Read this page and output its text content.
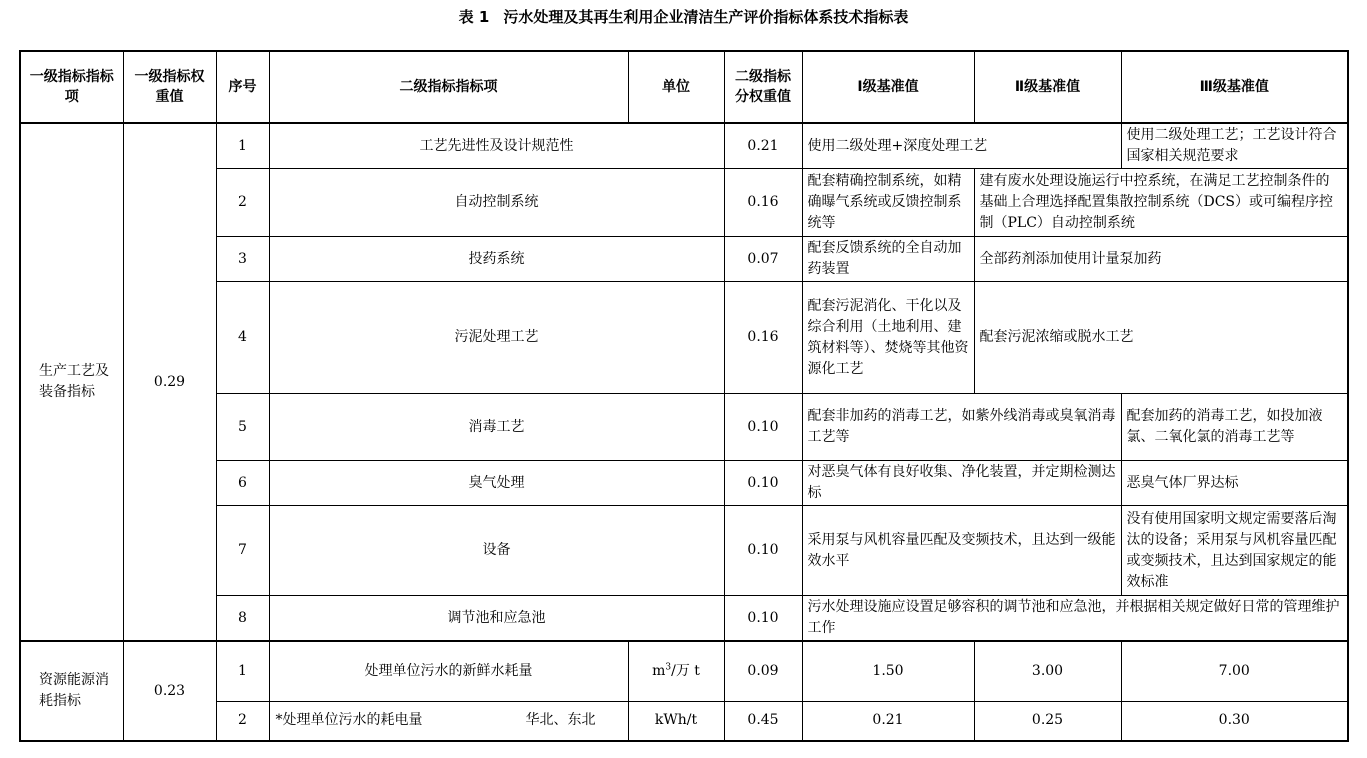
表 1 污水处理及其再生利用企业清洁生产评价指标体系技术指标表
一级指标指标项	一级指标权重值	序号	二级指标指标项	单位	二级指标分权重值	Ⅰ级基准值	Ⅱ级基准值	Ⅲ级基准值
生产工艺及装备指标	0.29	1	工艺先进性及设计规范性		0.21	使用二级处理+深度处理工艺		使用二级处理工艺；工艺设计符合国家相关规范要求
		2	自动控制系统		0.16	配套精确控制系统，如精确曝气系统或反馈控制系统等	建有废水处理设施运行中控系统，在满足工艺控制条件的基础上合理选择配置集散控制系统（DCS）或可编程序控制（PLC）自动控制系统	
		3	投药系统		0.07	配套反馈系统的全自动加药装置	全部药剂添加使用计量泵加药	
		4	污泥处理工艺		0.16	配套污泥消化、干化以及综合利用（土地利用、建筑材料等）、焚烧等其他资源化工艺	配套污泥浓缩或脱水工艺	
		5	消毒工艺		0.10	配套非加药的消毒工艺，如紫外线消毒或臭氧消毒工艺等		配套加药的消毒工艺，如投加液氯、二氧化氯的消毒工艺等
		6	臭气处理		0.10	对恶臭气体有良好收集、净化装置，并定期检测达标		恶臭气体厂界达标
		7	设备		0.10	采用泵与风机容量匹配及变频技术，且达到一级能效水平		没有使用国家明文规定需要落后淘汰的设备；采用泵与风机容量匹配或变频技术，且达到国家规定的能效标准
		8	调节池和应急池		0.10	污水处理设施应设置足够容积的调节池和应急池，并根据相关规定做好日常的管理维护工作		
资源能源消耗指标	0.23	1	处理单位污水的新鲜水耗量	$m^3/$万 t	0.09	1.50	3.00	7.00
		2	*处理单位污水的耗电量 华北、东北	kWh/t	0.45	0.21	0.25	0.30
